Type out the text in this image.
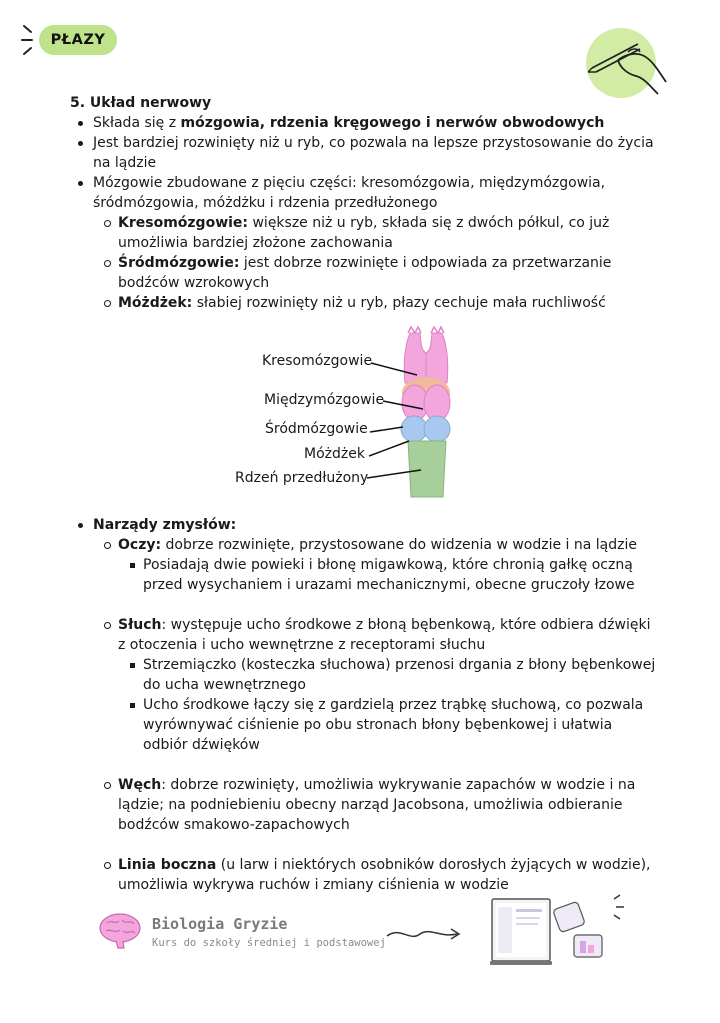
PŁAZY

5. Układ nerwowy

Składa się z mózgowia, rdzenia kręgowego i nerwów obwodowych
Jest bardziej rozwinięty niż u ryb, co pozwala na lepsze przystosowanie do życia na lądzie
Mózgowie zbudowane z pięciu części: kresomózgowia, międzymózgowia, śródmózgowia, móżdżku i rdzenia przedłużonego
Kresomózgowie: większe niż u ryb, składa się z dwóch półkul, co już umożliwia bardziej złożone zachowania
Śródmózgowie: jest dobrze rozwinięte i odpowiada za przetwarzanie bodźców wzrokowych
Móżdżek: słabiej rozwinięty niż u ryb, płazy cechuje mała ruchliwość
Kresomózgowie
Międzymózgowie
Śródmózgowie
Móżdżek
Rdzeń przedłużony
Narządy zmysłów:
Oczy: dobrze rozwinięte, przystosowane do widzenia w wodzie i na lądzie
Posiadają dwie powieki i błonę migawkową, które chronią gałkę oczną przed wysychaniem i urazami mechanicznymi, obecne gruczoły łzowe
Słuch: występuje ucho środkowe z błoną bębenkową, które odbiera dźwięki z otoczenia i ucho wewnętrzne z receptorami słuchu
Strzemiączko (kosteczka słuchowa) przenosi drgania z błony bębenkowej do ucha wewnętrznego
Ucho środkowe łączy się z gardzielą przez trąbkę słuchową, co pozwala wyrównywać ciśnienie po obu stronach błony bębenkowej i ułatwia odbiór dźwięków
Węch: dobrze rozwinięty, umożliwia wykrywanie zapachów w wodzie i na lądzie; na podniebieniu obecny narząd Jacobsona, umożliwia odbieranie bodźców smakowo-zapachowych
Linia boczna (u larw i niektórych osobników dorosłych żyjących w wodzie), umożliwia wykrywa ruchów i zmiany ciśnienia w wodzie
Biologia Gryzie
Kurs do szkoły średniej i podstawowej
